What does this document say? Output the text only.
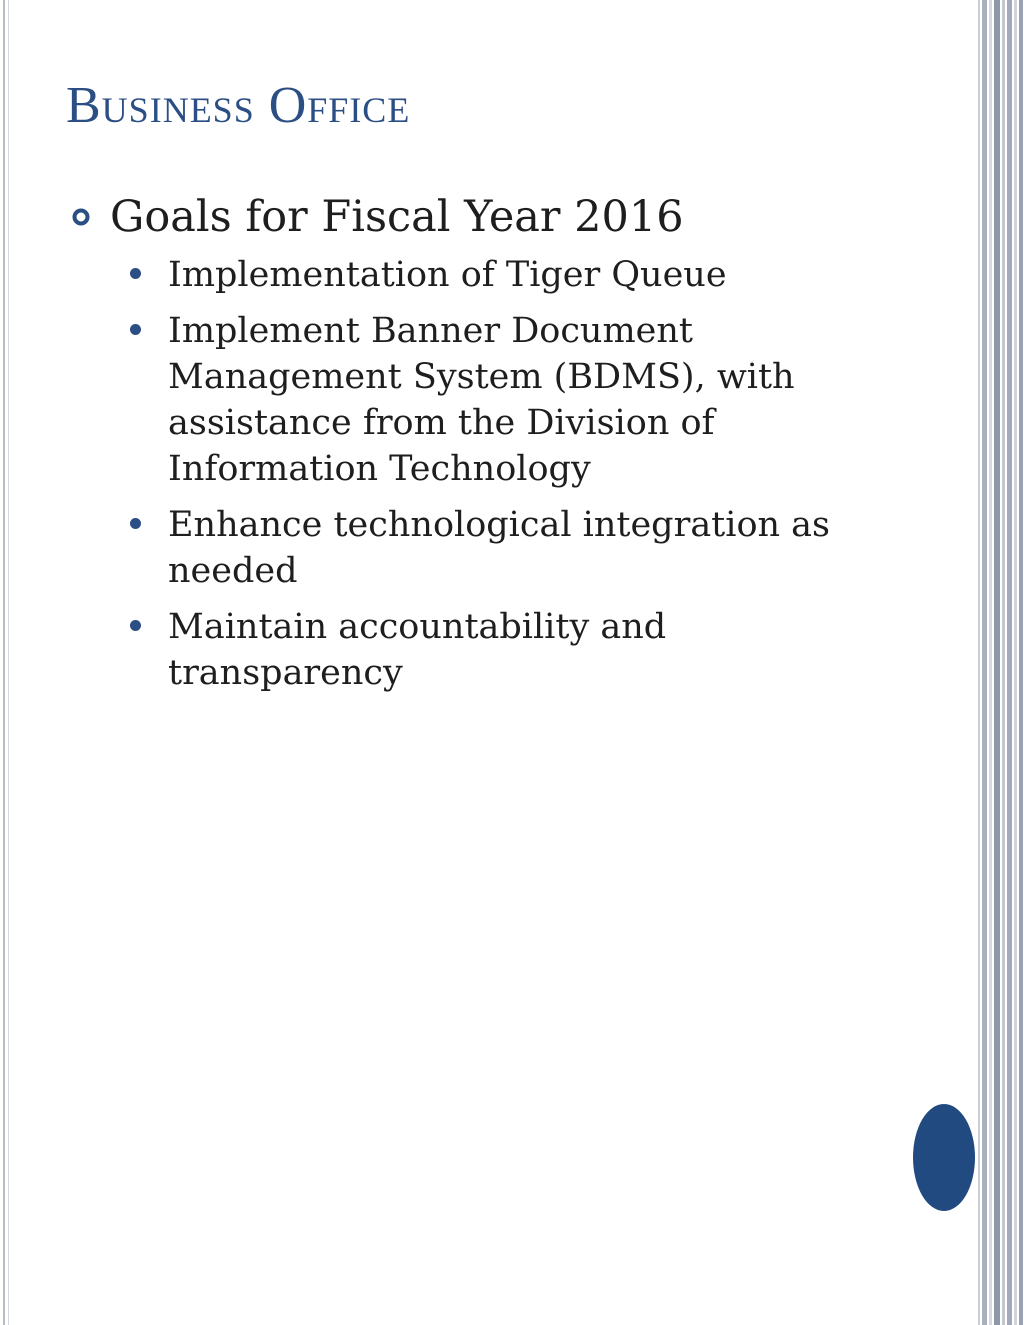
Business Office
Goals for Fiscal Year 2016
Implementation of Tiger Queue
Implement Banner Document Management System (BDMS), with assistance from the Division of Information Technology
Enhance technological integration as needed
Maintain accountability and transparency
